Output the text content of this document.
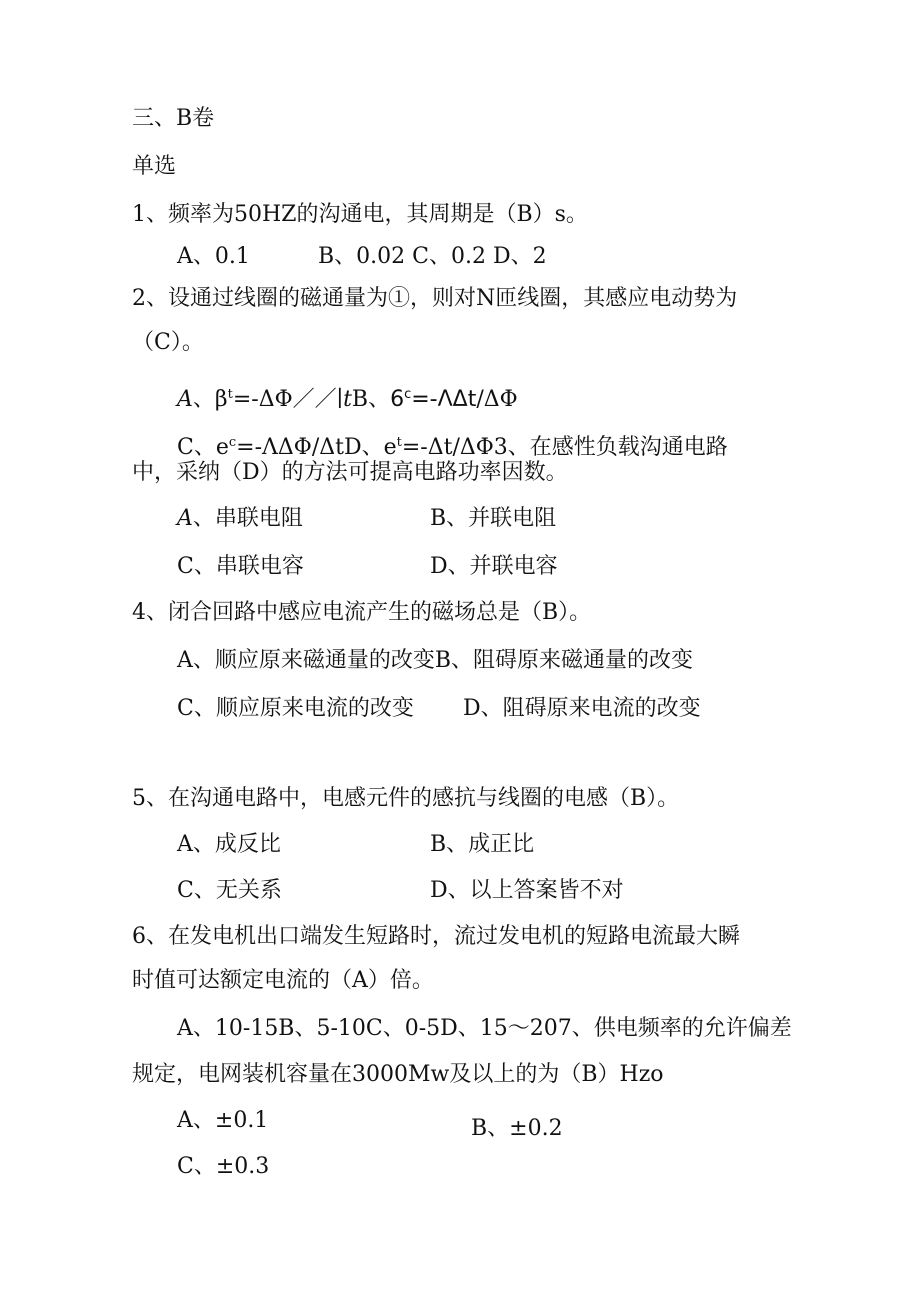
三、B卷
单选
1、频率为50HZ的沟通电，其周期是（B）s。
A、0.1	B、0.02 C、0.2 D、2
2、设通过线圈的磁通量为①，则对N匝线圈，其感应电动势为
（C）。
A、$\beta^t=-\Delta\Phi//∣tB$、$6^c=-\Lambda\Delta t/\Delta\Phi$
C、$e^c=-\Lambda\Delta\Phi$/ΔtD、$e^t=-\Delta t/\Delta\Phi 3$、在感性负载沟通电路
中，采纳（D）的方法可提高电路功率因数。
A、串联电阻	B、并联电阻
C、串联电容	D、并联电容
4、闭合回路中感应电流产生的磁场总是（B）。
A、顺应原来磁通量的改变B、阻碍原来磁通量的改变
C、顺应原来电流的改变 D、阻碍原来电流的改变
5、在沟通电路中，电感元件的感抗与线圈的电感（B）。
A、成反比	B、成正比
C、无关系	D、以上答案皆不对
6、在发电机出口端发生短路时，流过发电机的短路电流最大瞬
时值可达额定电流的（A）倍。
A、10-15B、5-10C、0-5D、15～207、供电频率的允许偏差
规定，电网装机容量在3000Mw及以上的为（B）Hzo
A、±0.1	B、±0.2
C、±0.3
